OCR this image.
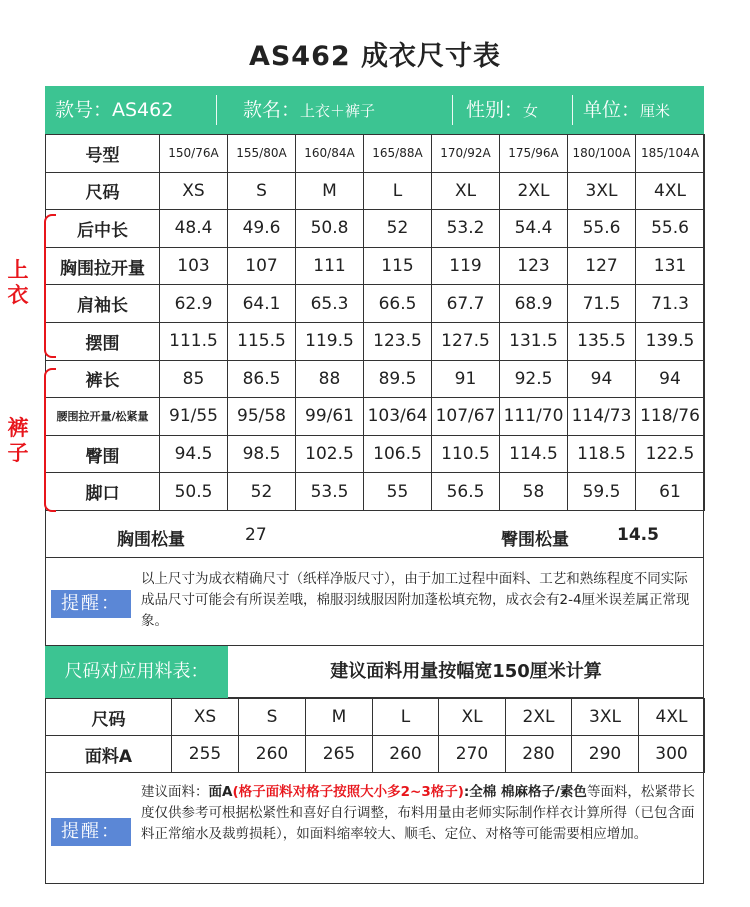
AS462 成衣尺寸表
款号：AS462	款名：上衣＋裤子	性别：女 单位：厘米
号型	150/76A	155/80A	160/84A	165/88A	170/92A	175/96A	180/100A	185/104A
尺码	XS	S	M	L	XL	2XL	3XL	4XL
后中长	48.4	49.6	50.8	52	53.2	54.4	55.6	55.6
胸围拉开量	103	107	111	115	119	123	127	131
肩袖长	62.9	64.1	65.3	66.5	67.7	68.9	71.5	71.3
摆围	111.5	115.5	119.5	123.5	127.5	131.5	135.5	139.5
裤长	85	86.5	88	89.5	91	92.5	94	94
腰围拉开量/松紧量	91/55	95/58	99/61	103/64	107/67	111/70	114/73	118/76
臀围	94.5	98.5	102.5	106.5	110.5	114.5	118.5	122.5
脚口	50.5	52	53.5	55	56.5	58	59.5	61
上衣
裤子
胸围松量	27	臀围松量	14.5
提醒：
以上尺寸为成衣精确尺寸（纸样净版尺寸），由于加工过程中面料、工艺和熟练程度不同实际成品尺寸可能会有所误差哦，棉服羽绒服因附加蓬松填充物，成衣会有2-4厘米误差属正常现象。
尺码对应用料表：	建议面料用量按幅宽150厘米计算
尺码	XS	S	M	L	XL	2XL	3XL	4XL
面料A	255	260	265	260	270	280	290	300
提醒：
建议面料：面A(格子面料对格子按照大小多2~3格子):全棉 棉麻格子/素色等面料，松紧带长度仅供参考可根据松紧性和喜好自行调整，布料用量由老师实际制作样衣计算所得（已包含面料正常缩水及裁剪损耗），如面料缩率较大、顺毛、定位、对格等可能需要相应增加。
